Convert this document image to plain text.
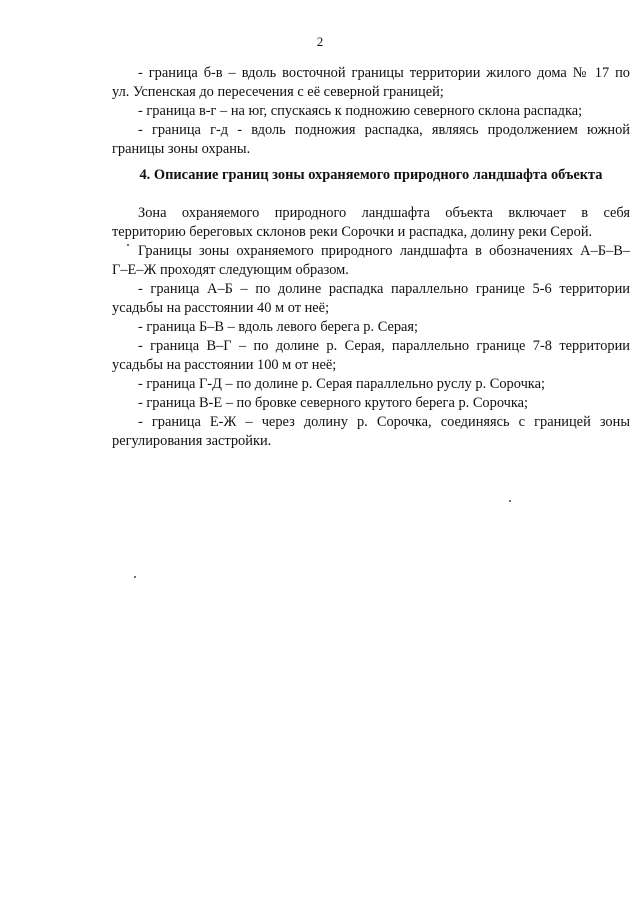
2
- граница б-в – вдоль восточной границы территории жилого дома № 17 по
ул. Успенская до пересечения с её северной границей;
- граница в-г – на юг, спускаясь к подножию северного склона распадка;
- граница г-д - вдоль подножия распадка, являясь продолжением южной
границы зоны охраны.
4. Описание границ зоны охраняемого природного ландшафта объекта
Зона охраняемого природного ландшафта объекта включает в себя
территорию береговых склонов реки Сорочки и распадка, долину реки Серой.
Границы зоны охраняемого природного ландшафта в обозначениях А–Б–В–
Г–Е–Ж проходят следующим образом.
- граница А–Б – по долине распадка параллельно границе 5-6 территории
усадьбы на расстоянии 40 м от неё;
- граница Б–В – вдоль левого берега р. Серая;
- граница В–Г – по долине р. Серая, параллельно границе 7-8 территории
усадьбы на расстоянии 100 м от неё;
- граница Г-Д – по долине р. Серая параллельно руслу р. Сорочка;
- граница В-Е – по бровке северного крутого берега р. Сорочка;
- граница Е-Ж – через долину р. Сорочка, соединяясь с границей зоны
регулирования застройки.
